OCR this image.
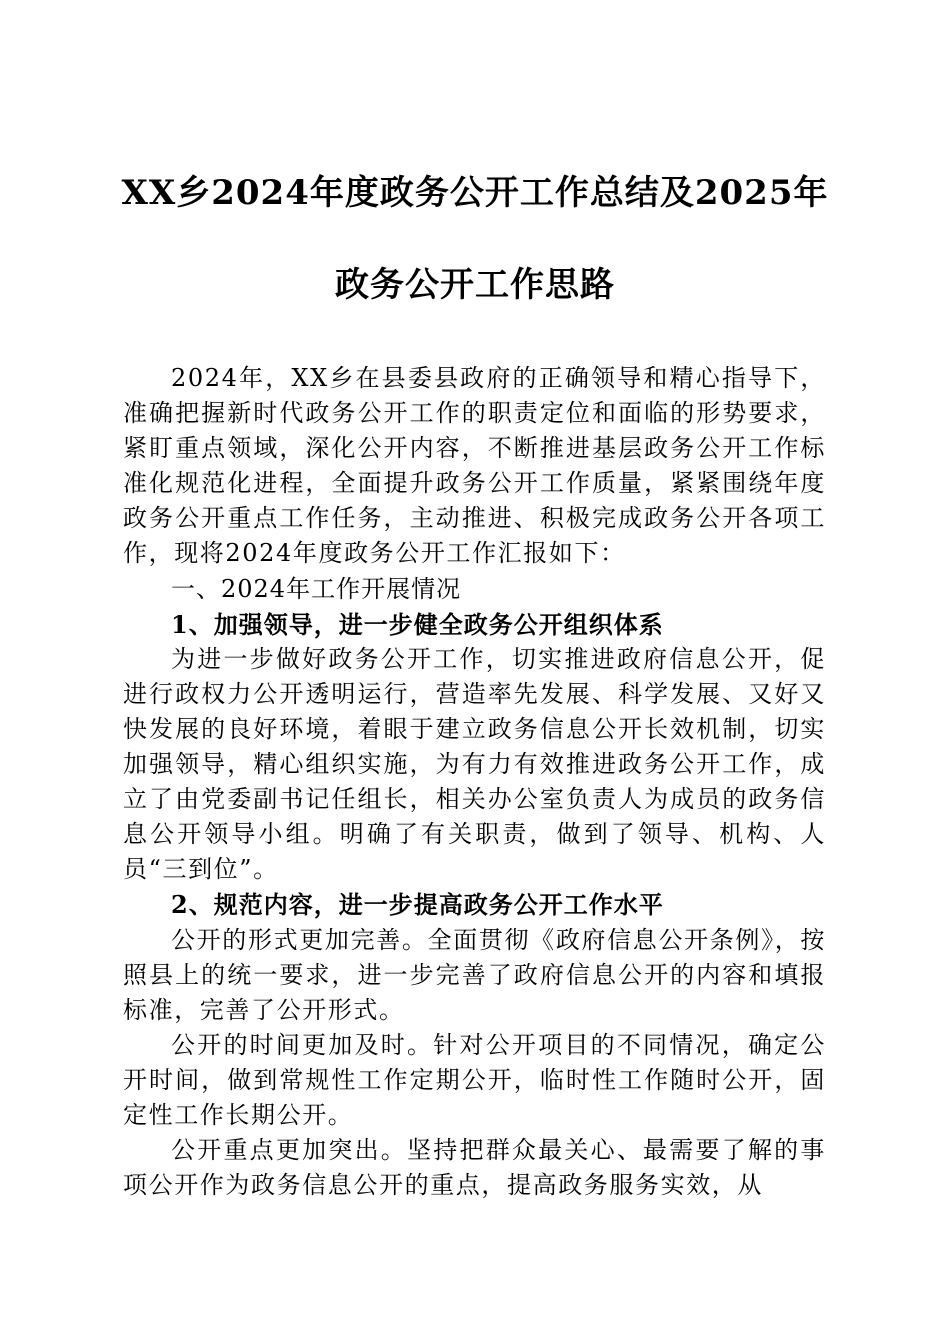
XX乡2024年度政务公开工作总结及2025年
政务公开工作思路

2024年，XX乡在县委县政府的正确领导和精心指导下，准确把握新时代政务公开工作的职责定位和面临的形势要求，紧盯重点领域，深化公开内容，不断推进基层政务公开工作标准化规范化进程，全面提升政务公开工作质量，紧紧围绕年度政务公开重点工作任务，主动推进、积极完成政务公开各项工作，现将2024年度政务公开工作汇报如下：

一、2024年工作开展情况

1、加强领导，进一步健全政务公开组织体系

为进一步做好政务公开工作，切实推进政府信息公开，促进行政权力公开透明运行，营造率先发展、科学发展、又好又快发展的良好环境，着眼于建立政务信息公开长效机制，切实加强领导，精心组织实施，为有力有效推进政务公开工作，成立了由党委副书记任组长，相关办公室负责人为成员的政务信息公开领导小组。明确了有关职责，做到了领导、机构、人员“三到位”。

2、规范内容，进一步提高政务公开工作水平

公开的形式更加完善。全面贯彻《政府信息公开条例》，按照县上的统一要求，进一步完善了政府信息公开的内容和填报标准，完善了公开形式。

公开的时间更加及时。针对公开项目的不同情况，确定公开时间，做到常规性工作定期公开，临时性工作随时公开，固定性工作长期公开。

公开重点更加突出。坚持把群众最关心、最需要了解的事项公开作为政务信息公开的重点，提高政务服务实效，从
